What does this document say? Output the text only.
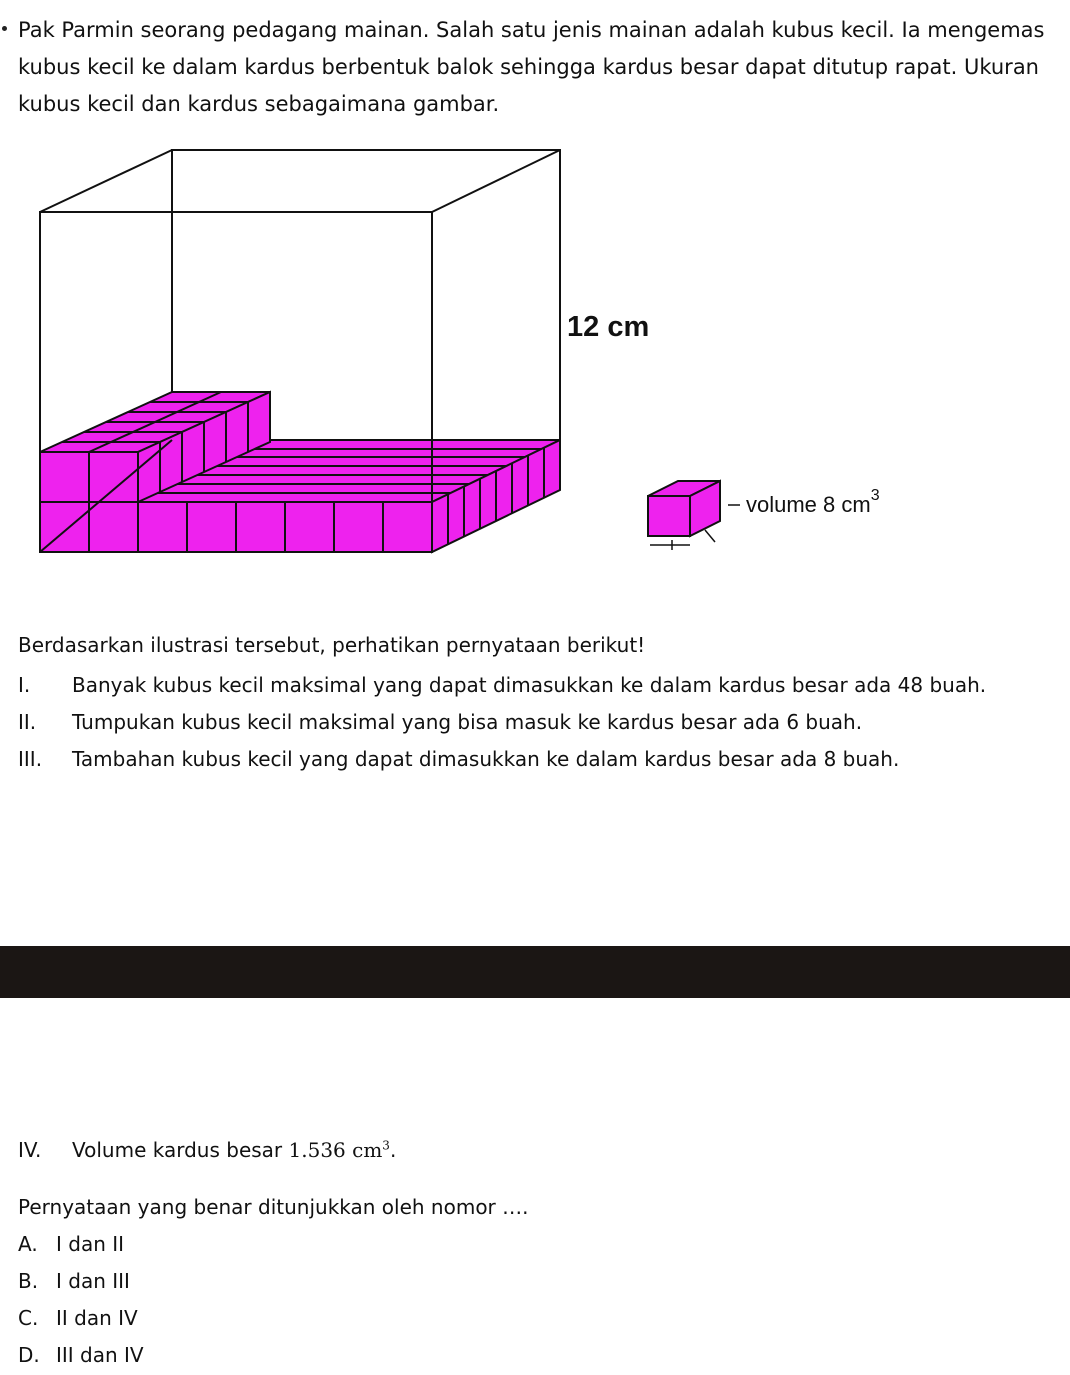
Pak Parmin seorang pedagang mainan. Salah satu jenis mainan adalah kubus kecil. Ia mengemas kubus kecil ke dalam kardus berbentuk balok sehingga kardus besar dapat ditutup rapat. Ukuran kubus kecil dan kardus sebagaimana gambar.

12 cm
volume 8 $cm^3$

Berdasarkan ilustrasi tersebut, perhatikan pernyataan berikut!

I. Banyak kubus kecil maksimal yang dapat dimasukkan ke dalam kardus besar ada 48 buah.
II. Tumpukan kubus kecil maksimal yang bisa masuk ke kardus besar ada 6 buah.
III. Tambahan kubus kecil yang dapat dimasukkan ke dalam kardus besar ada 8 buah.
IV. Volume kardus besar 1.536 $cm^3$.
Pernyataan yang benar ditunjukkan oleh nomor ….
A. I dan II
B. I dan III
C. II dan IV
D. III dan IV
